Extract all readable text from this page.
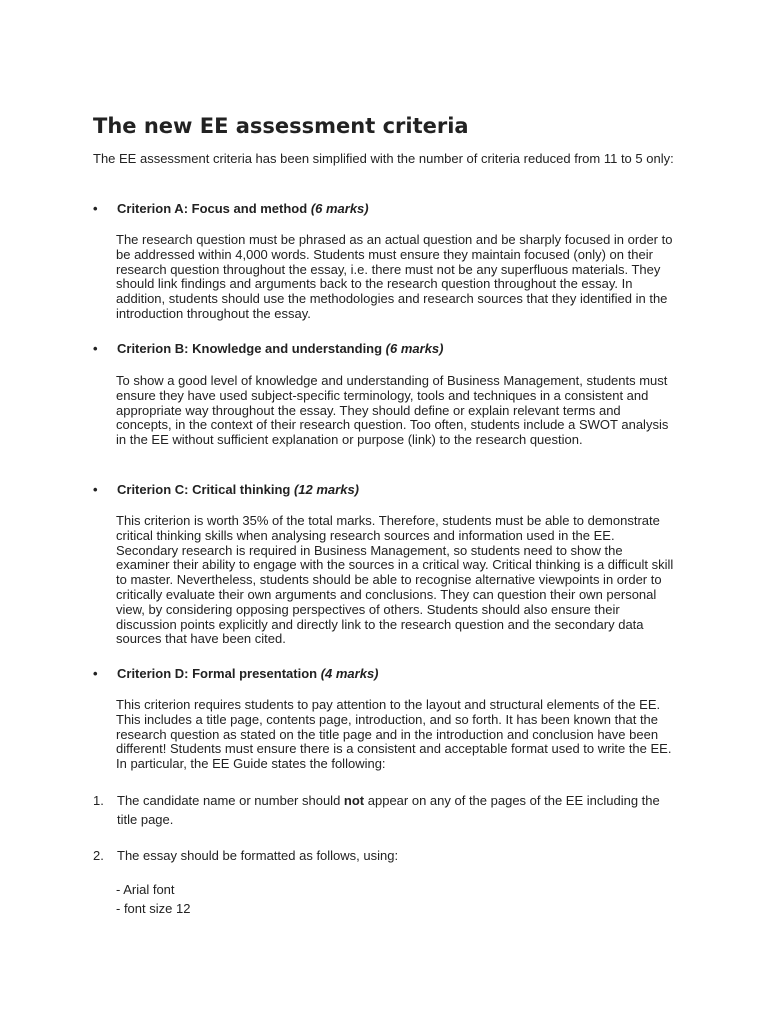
The new EE assessment criteria

The EE assessment criteria has been simplified with the number of criteria reduced from 11 to 5 only:

• Criterion A: Focus and method (6 marks)

The research question must be phrased as an actual question and be sharply focused in order to be addressed within 4,000 words. Students must ensure they maintain focused (only) on their research question throughout the essay, i.e. there must not be any superfluous materials. They should link findings and arguments back to the research question throughout the essay. In addition, students should use the methodologies and research sources that they identified in the introduction throughout the essay.

• Criterion B: Knowledge and understanding (6 marks)

To show a good level of knowledge and understanding of Business Management, students must ensure they have used subject-specific terminology, tools and techniques in a consistent and appropriate way throughout the essay. They should define or explain relevant terms and concepts, in the context of their research question. Too often, students include a SWOT analysis in the EE without sufficient explanation or purpose (link) to the research question.

• Criterion C: Critical thinking (12 marks)

This criterion is worth 35% of the total marks. Therefore, students must be able to demonstrate critical thinking skills when analysing research sources and information used in the EE. Secondary research is required in Business Management, so students need to show the examiner their ability to engage with the sources in a critical way. Critical thinking is a difficult skill to master. Nevertheless, students should be able to recognise alternative viewpoints in order to critically evaluate their own arguments and conclusions. They can question their own personal view, by considering opposing perspectives of others. Students should also ensure their discussion points explicitly and directly link to the research question and the secondary data sources that have been cited.

• Criterion D: Formal presentation (4 marks)

This criterion requires students to pay attention to the layout and structural elements of the EE. This includes a title page, contents page, introduction, and so forth. It has been known that the research question as stated on the title page and in the introduction and conclusion have been different! Students must ensure there is a consistent and acceptable format used to write the EE. In particular, the EE Guide states the following:

1. The candidate name or number should not appear on any of the pages of the EE including the title page.
2. The essay should be formatted as follows, using:
- Arial font
- font size 12
